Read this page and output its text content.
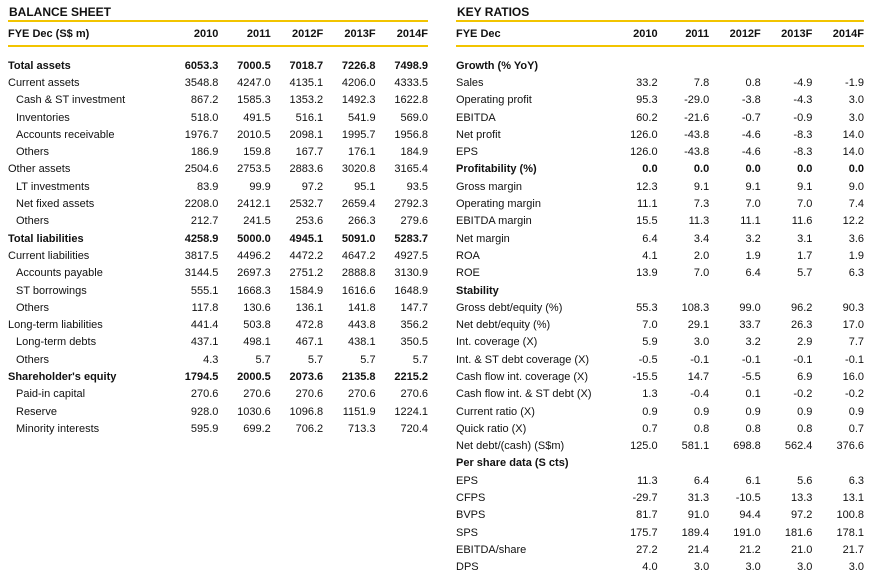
BALANCE SHEET
FYE Dec (S$ m)	2010	2011	2012F	2013F	2014F
Total assets	6053.3	7000.5	7018.7	7226.8	7498.9
Current assets	3548.8	4247.0	4135.1	4206.0	4333.5
Cash & ST investment	867.2	1585.3	1353.2	1492.3	1622.8
Inventories	518.0	491.5	516.1	541.9	569.0
Accounts receivable	1976.7	2010.5	2098.1	1995.7	1956.8
Others	186.9	159.8	167.7	176.1	184.9
Other assets	2504.6	2753.5	2883.6	3020.8	3165.4
LT investments	83.9	99.9	97.2	95.1	93.5
Net fixed assets	2208.0	2412.1	2532.7	2659.4	2792.3
Others	212.7	241.5	253.6	266.3	279.6
Total liabilities	4258.9	5000.0	4945.1	5091.0	5283.7
Current liabilities	3817.5	4496.2	4472.2	4647.2	4927.5
Accounts payable	3144.5	2697.3	2751.2	2888.8	3130.9
ST borrowings	555.1	1668.3	1584.9	1616.6	1648.9
Others	117.8	130.6	136.1	141.8	147.7
Long-term liabilities	441.4	503.8	472.8	443.8	356.2
Long-term debts	437.1	498.1	467.1	438.1	350.5
Others	4.3	5.7	5.7	5.7	5.7
Shareholder's equity	1794.5	2000.5	2073.6	2135.8	2215.2
Paid-in capital	270.6	270.6	270.6	270.6	270.6
Reserve	928.0	1030.6	1096.8	1151.9	1224.1
Minority interests	595.9	699.2	706.2	713.3	720.4
KEY RATIOS
FYE Dec	2010	2011	2012F	2013F	2014F
Growth (% YoY)					
Sales	33.2	7.8	0.8	-4.9	-1.9
Operating profit	95.3	-29.0	-3.8	-4.3	3.0
EBITDA	60.2	-21.6	-0.7	-0.9	3.0
Net profit	126.0	-43.8	-4.6	-8.3	14.0
EPS	126.0	-43.8	-4.6	-8.3	14.0
Profitability (%)	0.0	0.0	0.0	0.0	0.0
Gross margin	12.3	9.1	9.1	9.1	9.0
Operating margin	11.1	7.3	7.0	7.0	7.4
EBITDA margin	15.5	11.3	11.1	11.6	12.2
Net margin	6.4	3.4	3.2	3.1	3.6
ROA	4.1	2.0	1.9	1.7	1.9
ROE	13.9	7.0	6.4	5.7	6.3
Stability					
Gross debt/equity (%)	55.3	108.3	99.0	96.2	90.3
Net debt/equity (%)	7.0	29.1	33.7	26.3	17.0
Int. coverage (X)	5.9	3.0	3.2	2.9	7.7
Int. & ST debt coverage (X)	-0.5	-0.1	-0.1	-0.1	-0.1
Cash flow int. coverage (X)	-15.5	14.7	-5.5	6.9	16.0
Cash flow int. & ST debt (X)	1.3	-0.4	0.1	-0.2	-0.2
Current ratio (X)	0.9	0.9	0.9	0.9	0.9
Quick ratio (X)	0.7	0.8	0.8	0.8	0.7
Net debt/(cash) (S$m)	125.0	581.1	698.8	562.4	376.6
Per share data (S cts)					
EPS	11.3	6.4	6.1	5.6	6.3
CFPS	-29.7	31.3	-10.5	13.3	13.1
BVPS	81.7	91.0	94.4	97.2	100.8
SPS	175.7	189.4	191.0	181.6	178.1
EBITDA/share	27.2	21.4	21.2	21.0	21.7
DPS	4.0	3.0	3.0	3.0	3.0
